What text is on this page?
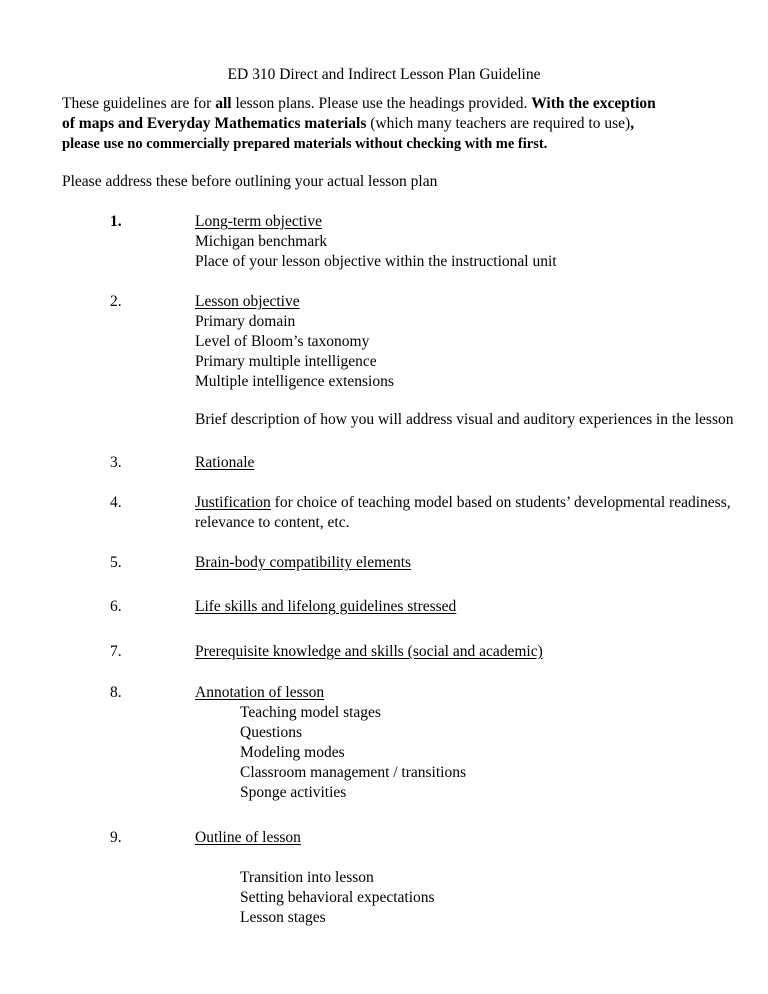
ED 310 Direct and Indirect Lesson Plan Guideline
These guidelines are for all lesson plans. Please use the headings provided. With the exception
of maps and Everyday Mathematics materials (which many teachers are required to use),
please use no commercially prepared materials without checking with me first.
Please address these before outlining your actual lesson plan
1.	Long-term objective
Michigan benchmark
Place of your lesson objective within the instructional unit
2.	Lesson objective
Primary domain
Level of Bloom’s taxonomy
Primary multiple intelligence
Multiple intelligence extensions
Brief description of how you will address visual and auditory experiences in the lesson
3.	Rationale
4.	Justification for choice of teaching model based on students’ developmental readiness,
relevance to content, etc.
5.	Brain-body compatibility elements
6.	Life skills and lifelong guidelines stressed
7.	Prerequisite knowledge and skills (social and academic)
8.	Annotation of lesson
Teaching model stages
Questions
Modeling modes
Classroom management / transitions
Sponge activities
9.	Outline of lesson
Transition into lesson
Setting behavioral expectations
Lesson stages
